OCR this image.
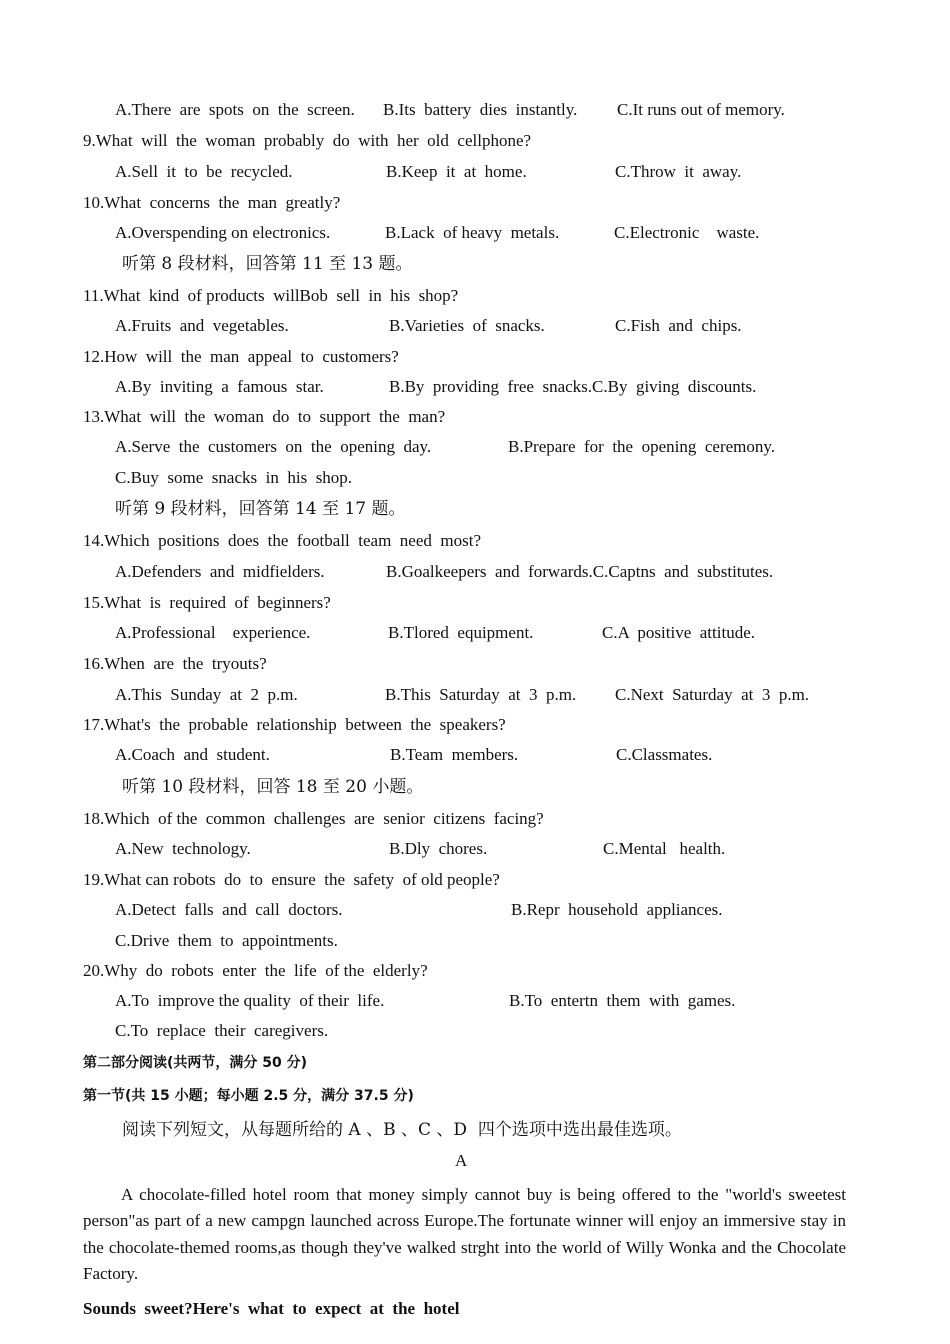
A.There  are  spots  on  the  screen. B.Its  battery  dies  instantly. C.It runs out of memory.
9.What  will  the  woman  probably  do  with  her  old  cellphone?
A.Sell  it  to  be  recycled.	B.Keep  it  at  home.	C.Throw  it  away.
10.What  concerns  the  man  greatly?
A.Overspending on electronics.	B.Lack  of heavy  metals.	C.Electronic    waste.
听第 8 段材料，回答第 11 至 13 题。
11.What  kind  of products  willBob  sell  in  his  shop?
A.Fruits  and  vegetables.	B.Varieties  of  snacks.	C.Fish  and  chips.
12.How  will  the  man  appeal  to  customers?
A.By  inviting  a  famous  star.	B.By  providing  free  snacks.C.By  giving  discounts.
13.What  will  the  woman  do  to  support  the  man?
A.Serve  the  customers  on  the  opening  day.	B.Prepare  for  the  opening  ceremony.
C.Buy  some  snacks  in  his  shop.
听第 9 段材料，回答第 14 至 17 题。
14.Which  positions  does  the  football  team  need  most?
A.Defenders  and  midfielders.	B.Goalkeepers  and  forwards.C.Captns  and  substitutes.
15.What  is  required  of  beginners?
A.Professional    experience.	B.Tlored  equipment.	C.A  positive  attitude.
16.When  are  the  tryouts?
A.This  Sunday  at  2  p.m.	B.This  Saturday  at  3  p.m. C.Next  Saturday  at  3  p.m.
17.What's  the  probable  relationship  between  the  speakers?
A.Coach  and  student.	B.Team  members.	C.Classmates.
听第 10 段材料，回答 18 至 20 小题。
18.Which  of the  common  challenges  are  senior  citizens  facing?
A.New  technology.	B.Dly  chores.	C.Mental   health.
19.What can robots  do  to  ensure  the  safety  of old people?
A.Detect  falls  and  call  doctors.	B.Repr  household  appliances.
C.Drive  them  to  appointments.
20.Why  do  robots  enter  the  life  of the  elderly?
A.To  improve the quality  of their  life.	B.To  entertn  them  with  games.
C.To  replace  their  caregivers.
第二部分阅读(共两节，满分 50 分)
第一节(共 15 小题；每小题 2.5 分，满分 37.5 分)
阅读下列短文，从每题所给的 A 、B 、C 、D  四个选项中选出最佳选项。
A
A chocolate-filled hotel room that money simply cannot buy is being offered to the "world's sweetest person"as part of a new campgn launched across Europe.The fortunate winner will enjoy an immersive stay in the chocolate-themed rooms,as though they've walked strght into the world of Willy Wonka and the Chocolate Factory.
Sounds  sweet?Here's  what  to  expect  at  the  hotel
